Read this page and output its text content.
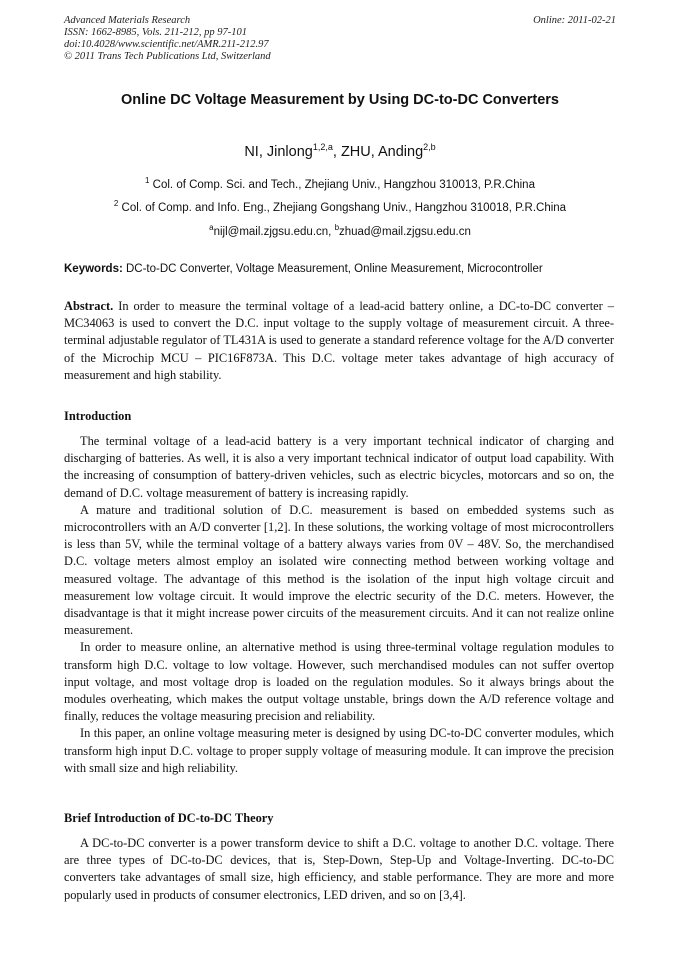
Advanced Materials Research
ISSN: 1662-8985, Vols. 211-212, pp 97-101
doi:10.4028/www.scientific.net/AMR.211-212.97
© 2011 Trans Tech Publications Ltd, Switzerland
Online: 2011-02-21
Online DC Voltage Measurement by Using DC-to-DC Converters
NI, Jinlong$^{1,2,a}$, ZHU, Anding$^{2,b}$
$^1$ Col. of Comp. Sci. and Tech., Zhejiang Univ., Hangzhou 310013, P.R.China
$^2$ Col. of Comp. and Info. Eng., Zhejiang Gongshang Univ., Hangzhou 310018, P.R.China
$^a$nijl@mail.zjgsu.edu.cn, $^b$zhuad@mail.zjgsu.edu.cn
Keywords: DC-to-DC Converter, Voltage Measurement, Online Measurement, Microcontroller
Abstract. In order to measure the terminal voltage of a lead-acid battery online, a DC-to-DC converter – MC34063 is used to convert the D.C. input voltage to the supply voltage of measurement circuit. A three-terminal adjustable regulator of TL431A is used to generate a standard reference voltage for the A/D converter of the Microchip MCU – PIC16F873A. This D.C. voltage meter takes advantage of high accuracy of measurement and high stability.
Introduction

The terminal voltage of a lead-acid battery is a very important technical indicator of charging and discharging of batteries. As well, it is also a very important technical indicator of output load capability. With the increasing of consumption of battery-driven vehicles, such as electric bicycles, motorcars and so on, the demand of D.C. voltage measurement of battery is increasing rapidly.

A mature and traditional solution of D.C. measurement is based on embedded systems such as microcontrollers with an A/D converter [1,2]. In these solutions, the working voltage of most microcontrollers is less than 5V, while the terminal voltage of a battery always varies from 0V – 48V. So, the merchandised D.C. voltage meters almost employ an isolated wire connecting method between working voltage and measured voltage. The advantage of this method is the isolation of the input high voltage circuit and measurement low voltage circuit. It would improve the electric security of the D.C. meters. However, the disadvantage is that it might increase power circuits of the measurement circuits. And it can not realize online measurement.

In order to measure online, an alternative method is using three-terminal voltage regulation modules to transform high D.C. voltage to low voltage. However, such merchandised modules can not suffer overtop input voltage, and most voltage drop is loaded on the regulation modules. So it always brings about the modules overheating, which makes the output voltage unstable, brings down the A/D reference voltage and finally, reduces the voltage measuring precision and reliability.

In this paper, an online voltage measuring meter is designed by using DC-to-DC converter modules, which transform high input D.C. voltage to proper supply voltage of measuring module. It can improve the precision with small size and high reliability.

Brief Introduction of DC-to-DC Theory

A DC-to-DC converter is a power transform device to shift a D.C. voltage to another D.C. voltage. There are three types of DC-to-DC devices, that is, Step-Down, Step-Up and Voltage-Inverting. DC-to-DC converters take advantages of small size, high efficiency, and stable performance. They are more and more popularly used in products of consumer electronics, LED driven, and so on [3,4].
